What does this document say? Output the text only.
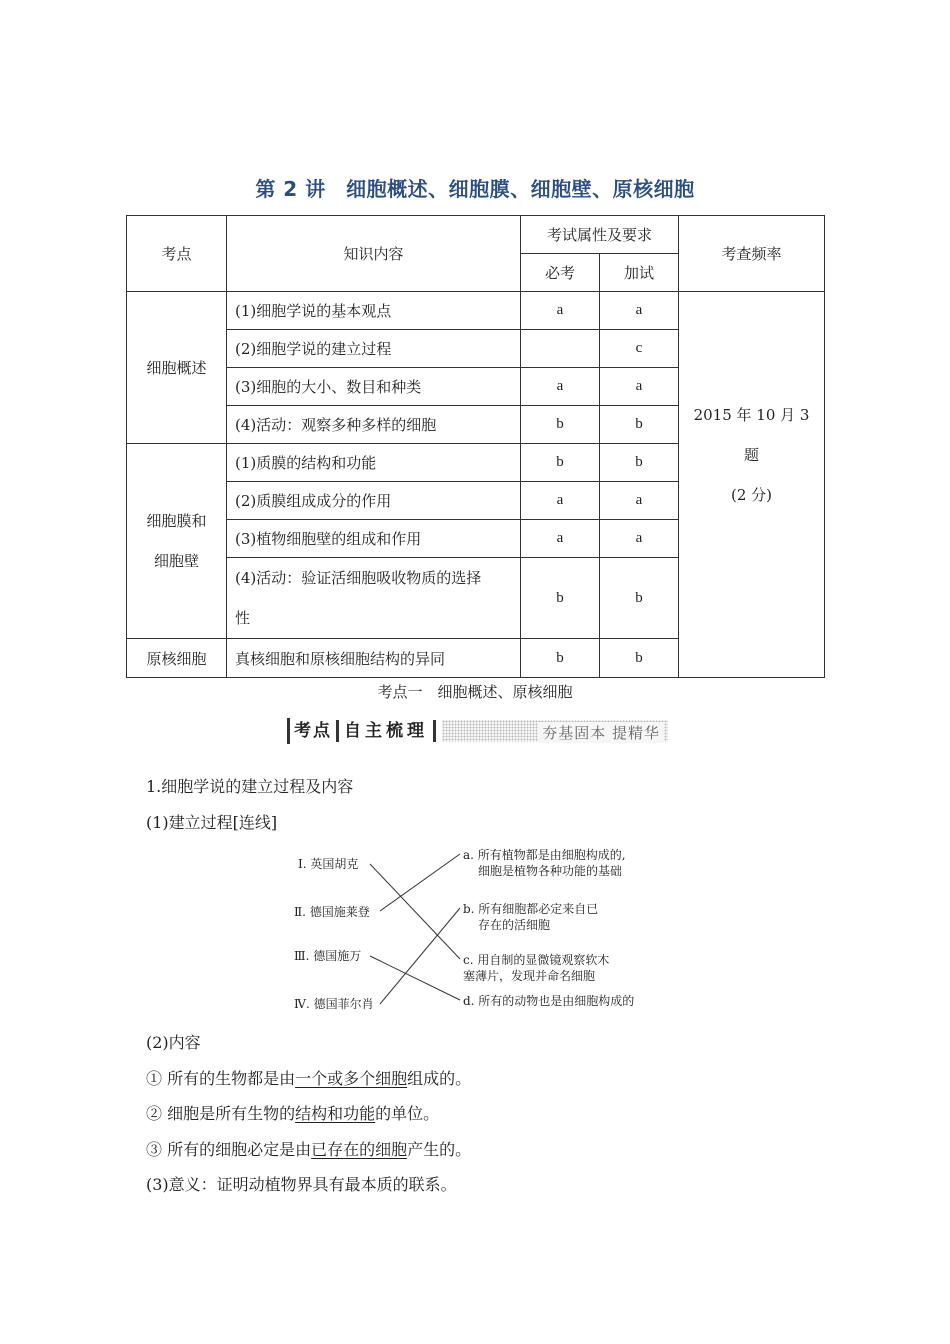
第 2 讲　细胞概述、细胞膜、细胞壁、原核细胞
考点	知识内容	考试属性及要求		考查频率
		必考	加试	
细胞概述	(1)细胞学说的基本观点	a	a	2015 年 10 月 3 题
(2 分)

	(2)细胞学说的建立过程		c	
	(3)细胞的大小、数目和种类	a	a	
	(4)活动：观察多种多样的细胞	b	b	

细胞膜和
细胞壁	(1)质膜的结构和功能	b	b	
	(2)质膜组成成分的作用	a	a	
	(3)植物细胞壁的组成和作用	a	a	

	(4)活动：验证活细胞吸收物质的选择
性	b	b	
原核细胞	真核细胞和原核细胞结构的异同	b	b	
考点一　细胞概述、原核细胞
考点 自主梳理	夯基固本 提精华
1.细胞学说的建立过程及内容
(1)建立过程[连线]
Ⅰ. 英国胡克
Ⅱ. 德国施莱登
Ⅲ. 德国施万
Ⅳ. 德国菲尔肖
a. 所有植物都是由细胞构成的,
细胞是植物各种功能的基础
b. 所有细胞都必定来自已
存在的活细胞
c. 用自制的显微镜观察软木
塞薄片，发现并命名细胞
d. 所有的动物也是由细胞构成的
(2)内容
① 所有的生物都是由一个或多个细胞组成的。
② 细胞是所有生物的结构和功能的单位。
③ 所有的细胞必定是由已存在的细胞产生的。
(3)意义：证明动植物界具有最本质的联系。
